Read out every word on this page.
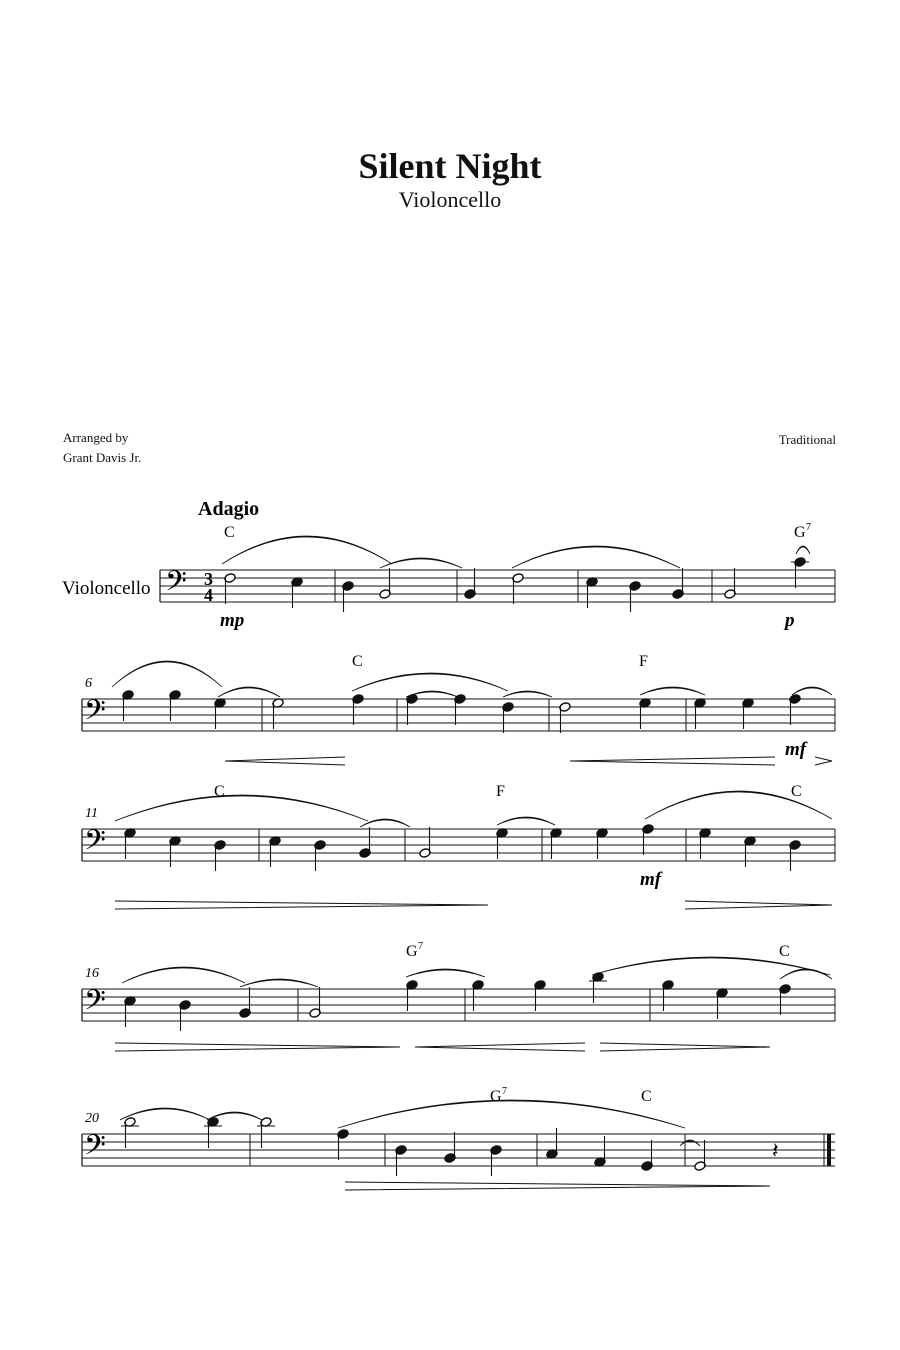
Silent Night
Violoncello
Arranged by
Grant Davis Jr.
Traditional
Adagio
Violoncello 𝄢 3
4
C	G 7
mp	p
𝄢
6
C	F
mf
𝄢
11
C	F	C
mf
𝄢
16
G 7	C
𝄢
20
G 7	C
𝄽
